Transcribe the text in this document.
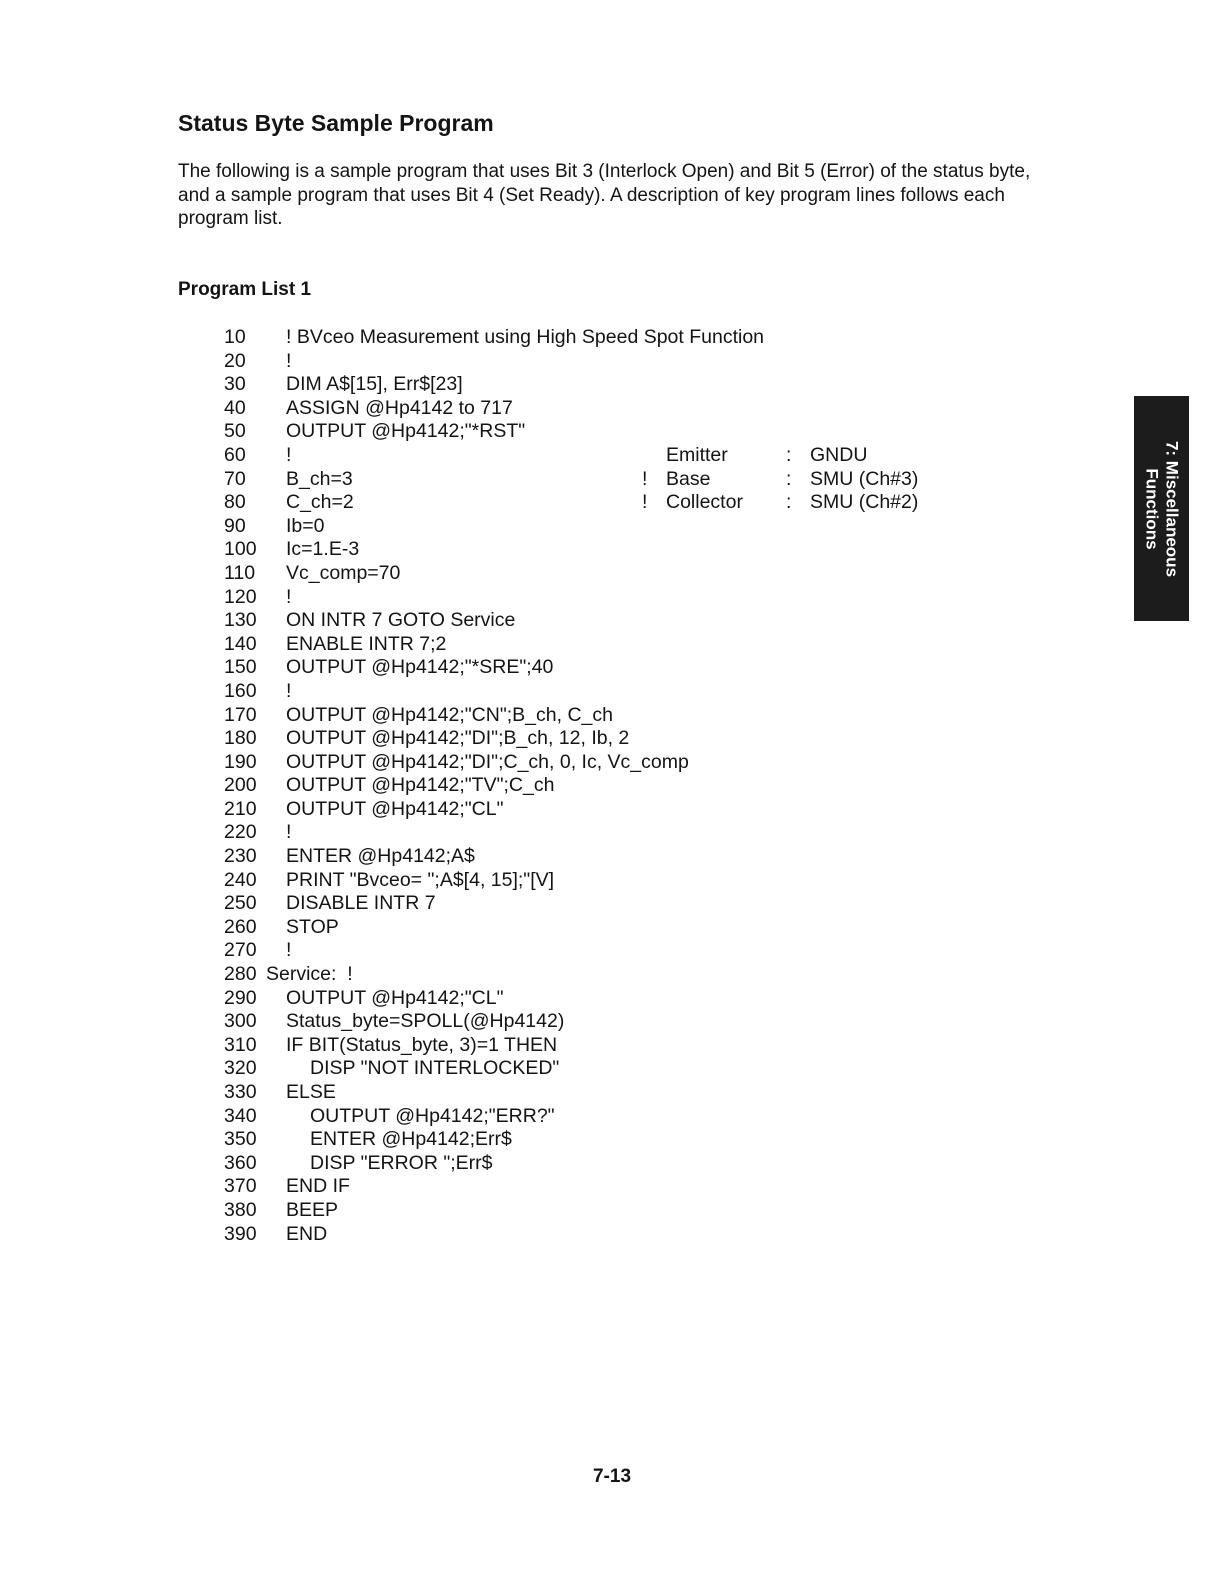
Status Byte Sample Program

The following is a sample program that uses Bit 3 (Interlock Open) and Bit 5 (Error) of the status byte, and a sample program that uses Bit 4 (Set Ready). A description of key program lines follows each program list.

Program List 1
10 ! BVceo Measurement using High Speed Spot Function
20 !
30 DIM A$[15], Err$[23]
40 ASSIGN @Hp4142 to 717
50 OUTPUT @Hp4142;"*RST"
60 !	Emitter	: GNDU
70 B_ch=3	! Base	: SMU (Ch#3)
80 C_ch=2	! Collector : SMU (Ch#2)
90 Ib=0
100 Ic=1.E-3
110 Vc_comp=70
120 !
130 ON INTR 7 GOTO Service
140 ENABLE INTR 7;2
150 OUTPUT @Hp4142;"*SRE";40
160 !
170 OUTPUT @Hp4142;"CN";B_ch, C_ch
180 OUTPUT @Hp4142;"DI";B_ch, 12, Ib, 2
190 OUTPUT @Hp4142;"DI";C_ch, 0, Ic, Vc_comp
200 OUTPUT @Hp4142;"TV";C_ch
210 OUTPUT @Hp4142;"CL"
220 !
230 ENTER @Hp4142;A$
240 PRINT "Bvceo= ";A$[4, 15];"[V]
250 DISABLE INTR 7
260 STOP
270 !
280 Service:  !
290 OUTPUT @Hp4142;"CL"
300 Status_byte=SPOLL(@Hp4142)
310 IF BIT(Status_byte, 3)=1 THEN
320	DISP "NOT INTERLOCKED"
330 ELSE
340	OUTPUT @Hp4142;"ERR?"
350	ENTER @Hp4142;Err$
360	DISP "ERROR ";Err$
370 END IF
380 BEEP
390 END
7: Miscellaneous
Functions
7-13
